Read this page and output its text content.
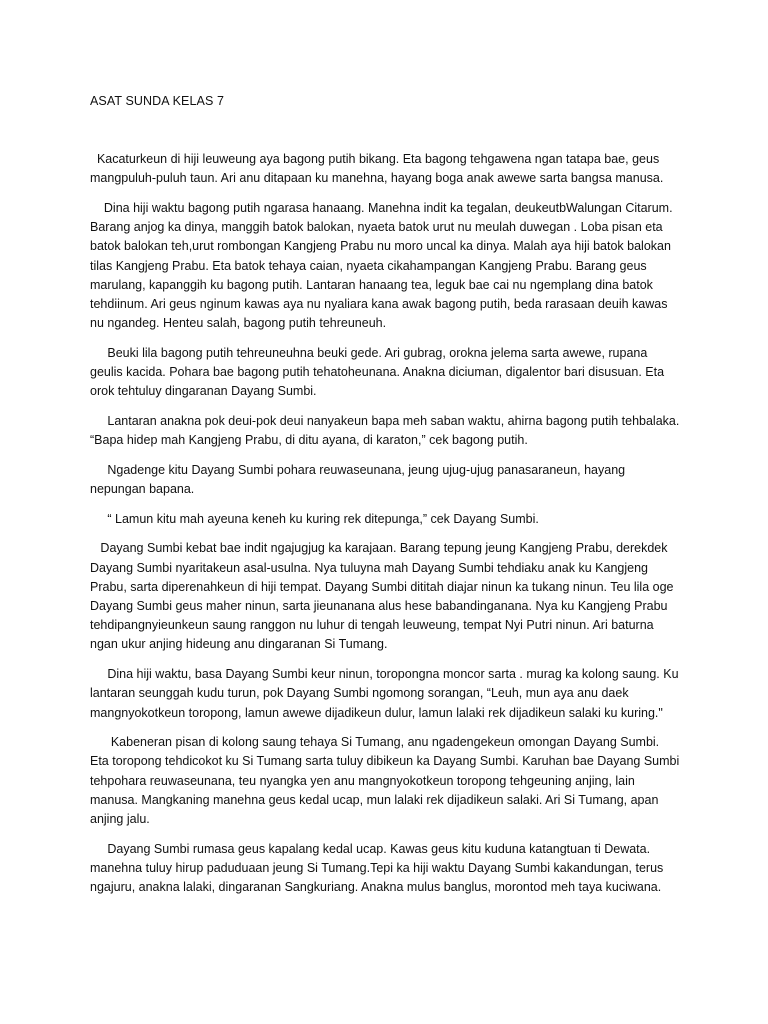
ASAT SUNDA KELAS 7

Kacaturkeun di hiji leuweung aya bagong putih bikang. Eta bagong tehgawena ngan tatapa bae, geus mangpuluh-puluh taun. Ari anu ditapaan ku manehna, hayang boga anak awewe sarta bangsa manusa.

Dina hiji waktu bagong putih ngarasa hanaang. Manehna indit ka tegalan, deukeutbWalungan Citarum. Barang anjog ka dinya, manggih batok balokan, nyaeta batok urut nu meulah duwegan . Loba pisan eta batok balokan teh,urut rombongan Kangjeng Prabu nu moro uncal ka dinya. Malah aya hiji batok balokan tilas Kangjeng Prabu. Eta batok tehaya caian, nyaeta cikahampangan Kangjeng Prabu. Barang geus marulang, kapanggih ku bagong putih. Lantaran hanaang tea, leguk bae cai nu ngemplang dina batok tehdiinum. Ari geus nginum kawas aya nu nyaliara kana awak bagong putih, beda rarasaan deuih kawas nu ngandeg. Henteu salah, bagong putih tehreuneuh.

Beuki lila bagong putih tehreuneuhna beuki gede. Ari gubrag, orokna jelema sarta awewe, rupana geulis kacida. Pohara bae bagong putih tehatoheunana. Anakna diciuman, digalentor bari disusuan. Eta orok tehtuluy dingaranan Dayang Sumbi.

Lantaran anakna pok deui-pok deui nanyakeun bapa meh saban waktu, ahirna bagong putih tehbalaka. “Bapa hidep mah Kangjeng Prabu, di ditu ayana, di karaton,” cek bagong putih.

Ngadenge kitu Dayang Sumbi pohara reuwaseunana, jeung ujug-ujug panasaraneun, hayang nepungan bapana.

“ Lamun kitu mah ayeuna keneh ku kuring rek ditepunga,” cek Dayang Sumbi.

Dayang Sumbi kebat bae indit ngajugjug ka karajaan. Barang tepung jeung Kangjeng Prabu, derekdek Dayang Sumbi nyaritakeun asal-usulna. Nya tuluyna mah Dayang Sumbi tehdiaku anak ku Kangjeng Prabu, sarta diperenahkeun di hiji tempat. Dayang Sumbi dititah diajar ninun ka tukang ninun. Teu lila oge Dayang Sumbi geus maher ninun, sarta jieunanana alus hese babandinganana. Nya ku Kangjeng Prabu tehdipangnyieunkeun saung ranggon nu luhur di tengah leuweung, tempat Nyi Putri ninun. Ari baturna ngan ukur anjing hideung anu dingaranan Si Tumang.

Dina hiji waktu, basa Dayang Sumbi keur ninun, toropongna moncor sarta . murag ka kolong saung. Ku lantaran seunggah kudu turun, pok Dayang Sumbi ngomong sorangan, “Leuh, mun aya anu daek mangnyokotkeun toropong, lamun awewe dijadikeun dulur, lamun lalaki rek dijadikeun salaki ku kuring."

Kabeneran pisan di kolong saung tehaya Si Tumang, anu ngadengekeun omongan Dayang Sumbi. Eta toropong tehdicokot ku Si Tumang sarta tuluy dibikeun ka Dayang Sumbi. Karuhan bae Dayang Sumbi tehpohara reuwaseunana, teu nyangka yen anu mangnyokotkeun toropong tehgeuning anjing, lain manusa. Mangkaning manehna geus kedal ucap, mun lalaki rek dijadikeun salaki. Ari Si Tumang, apan anjing jalu.

Dayang Sumbi rumasa geus kapalang kedal ucap. Kawas geus kitu kuduna katangtuan ti Dewata. manehna tuluy hirup paduduaan jeung Si Tumang.Tepi ka hiji waktu Dayang Sumbi kakandungan, terus ngajuru, anakna lalaki, dingaranan Sangkuriang. Anakna mulus banglus, morontod meh taya kuciwana.
